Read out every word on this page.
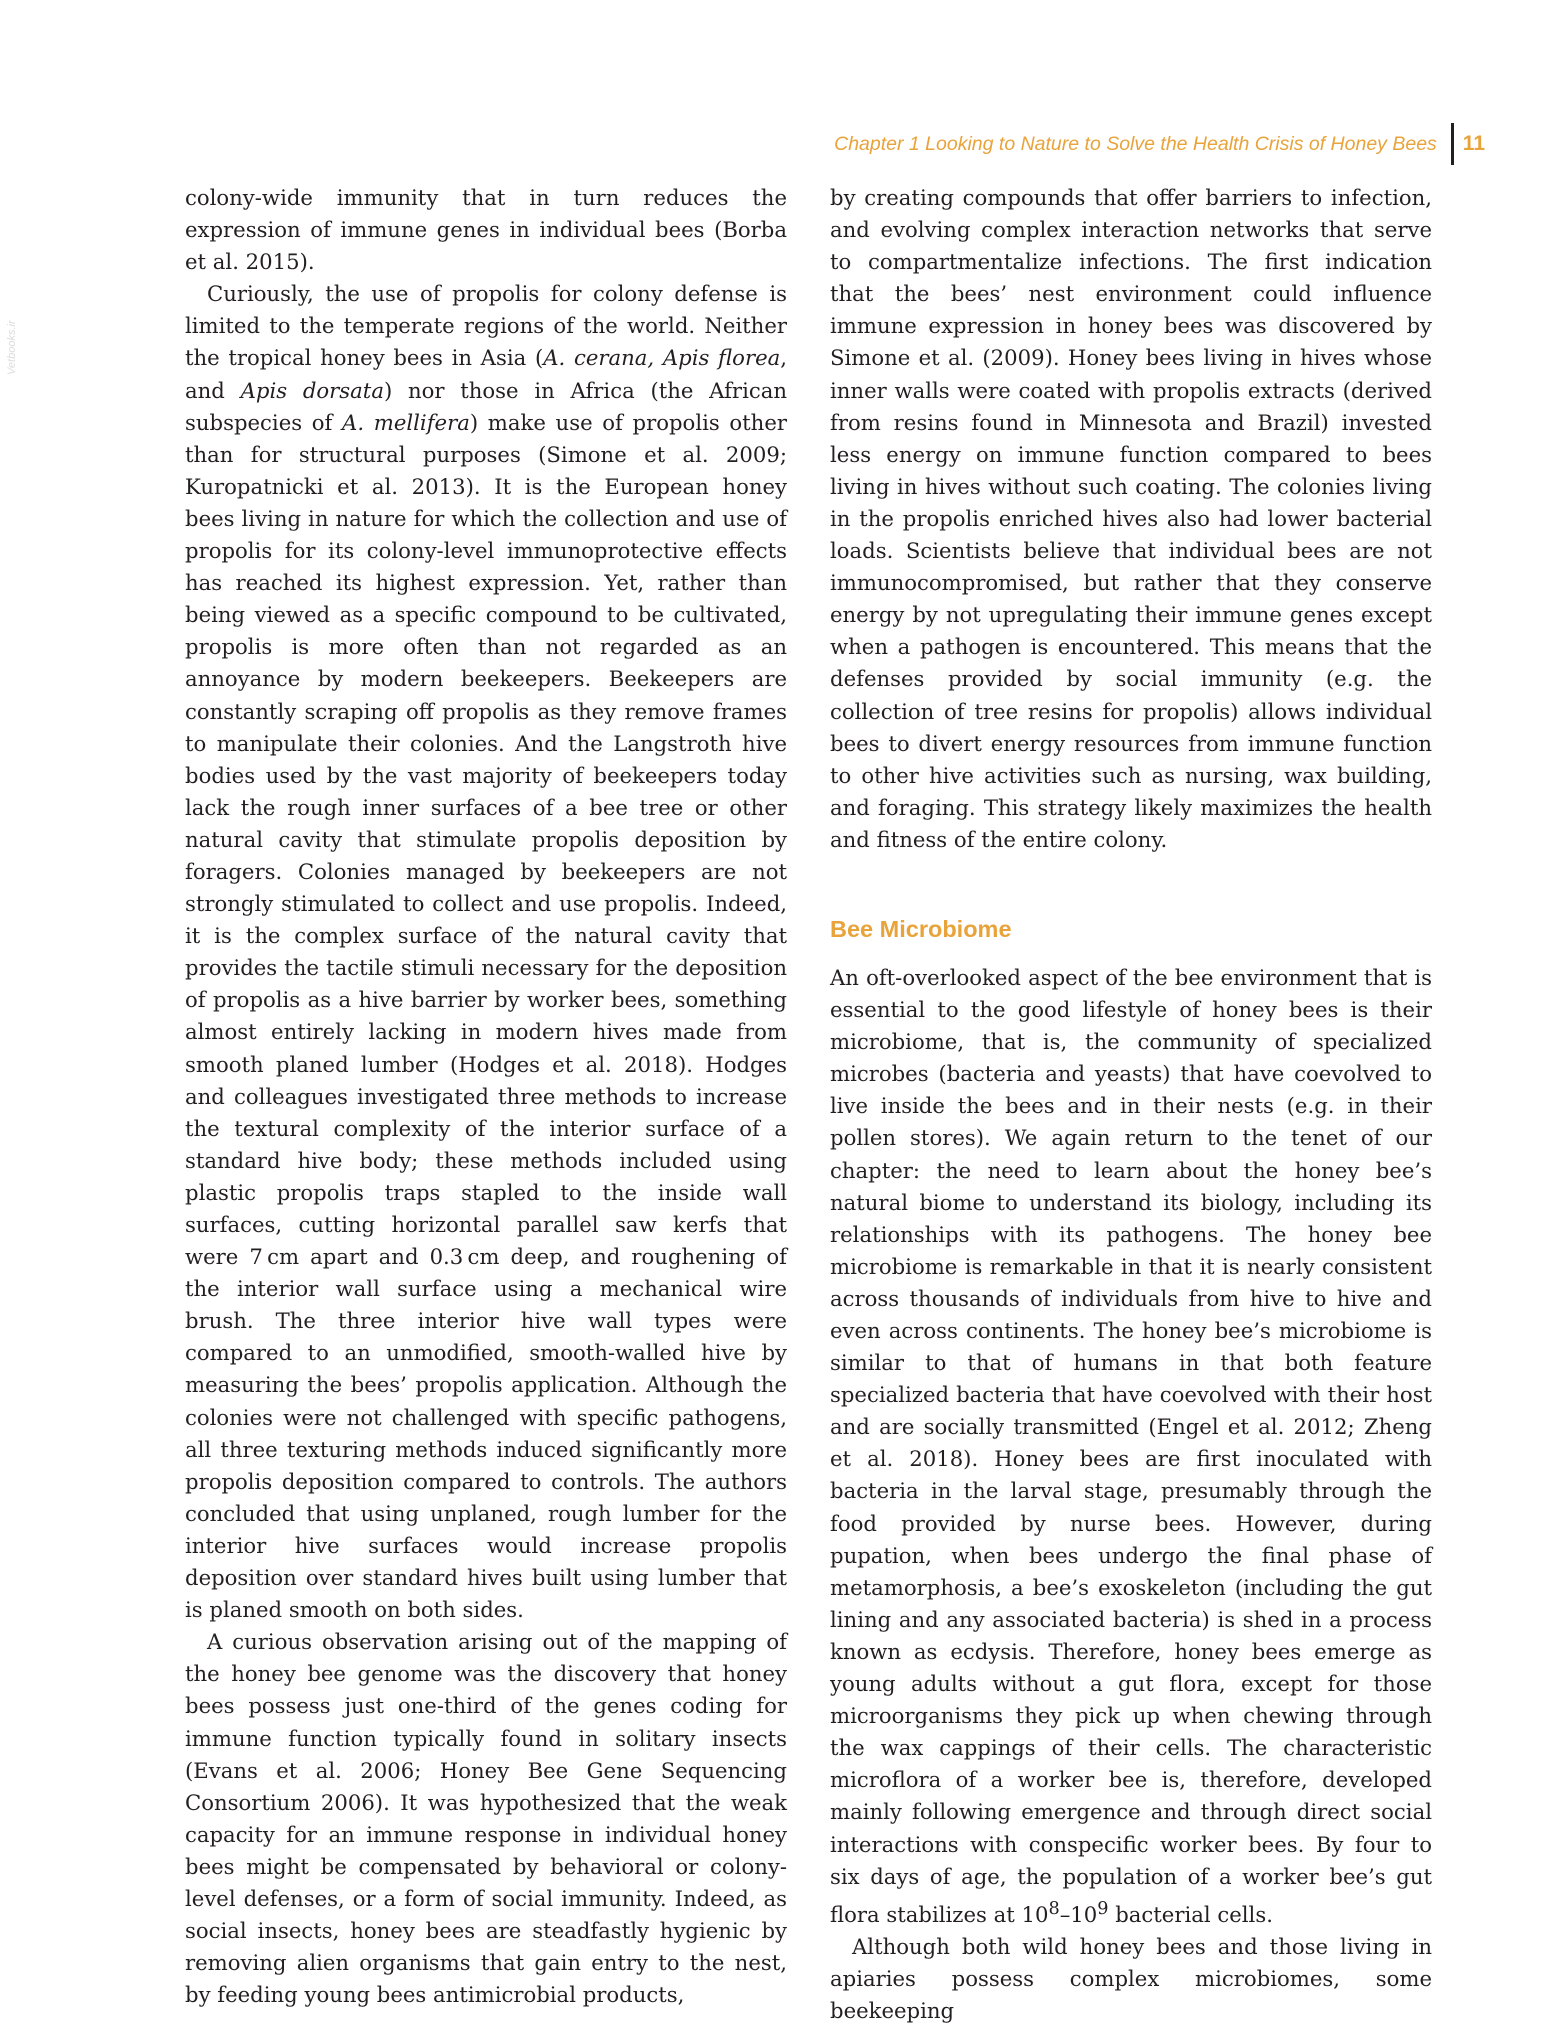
Chapter 1 Looking to Nature to Solve the Health Crisis of Honey Bees 11
Vetbooks.ir

colony-wide immunity that in turn reduces the expression of immune genes in individual bees (Borba et al. 2015).

Curiously, the use of propolis for colony defense is limited to the temperate regions of the world. Neither the tropical honey bees in Asia (A. cerana, Apis florea, and Apis dorsata) nor those in Africa (the African subspecies of A. mellifera) make use of propolis other than for structural purposes (Simone et al. 2009; Kuropatnicki et al. 2013). It is the European honey bees living in nature for which the collection and use of propolis for its colony-level immunoprotective effects has reached its highest expression. Yet, rather than being viewed as a specific compound to be cultivated, propolis is more often than not regarded as an annoyance by modern beekeepers. Beekeepers are constantly scraping off propolis as they remove frames to manipulate their colonies. And the Langstroth hive bodies used by the vast majority of beekeepers today lack the rough inner surfaces of a bee tree or other natural cavity that stimulate propolis deposition by foragers. Colonies managed by beekeepers are not strongly stimulated to collect and use propolis. Indeed, it is the complex surface of the natural cavity that provides the tactile stimuli necessary for the deposition of propolis as a hive barrier by worker bees, something almost entirely lacking in modern hives made from smooth planed lumber (Hodges et al. 2018). Hodges and colleagues investigated three methods to increase the textural complexity of the interior surface of a standard hive body; these methods included using plastic propolis traps stapled to the inside wall surfaces, cutting horizontal parallel saw kerfs that were 7 cm apart and 0.3 cm deep, and roughening of the interior wall surface using a mechanical wire brush. The three interior hive wall types were compared to an unmodified, smooth-walled hive by measuring the bees’ propolis application. Although the colonies were not challenged with specific pathogens, all three texturing methods induced significantly more propolis deposition compared to controls. The authors concluded that using unplaned, rough lumber for the interior hive surfaces would increase propolis deposition over standard hives built using lumber that is planed smooth on both sides.

A curious observation arising out of the mapping of the honey bee genome was the discovery that honey bees possess just one-third of the genes coding for immune function typically found in solitary insects (Evans et al. 2006; Honey Bee Gene Sequencing Consortium 2006). It was hypothesized that the weak capacity for an immune response in individual honey bees might be compensated by behavioral or colony-level defenses, or a form of social immunity. Indeed, as social insects, honey bees are steadfastly hygienic by removing alien organisms that gain entry to the nest, by feeding young bees antimicrobial products,

by creating compounds that offer barriers to infection, and evolving complex interaction networks that serve to compartmentalize infections. The first indication that the bees’ nest environment could influence immune expression in honey bees was discovered by Simone et al. (2009). Honey bees living in hives whose inner walls were coated with propolis extracts (derived from resins found in Minnesota and Brazil) invested less energy on immune function compared to bees living in hives without such coating. The colonies living in the propolis enriched hives also had lower bacterial loads. Scientists believe that individual bees are not immunocompromised, but rather that they conserve energy by not upregulating their immune genes except when a pathogen is encountered. This means that the defenses provided by social immunity (e.g. the collection of tree resins for propolis) allows individual bees to divert energy resources from immune function to other hive activities such as nursing, wax building, and foraging. This strategy likely maximizes the health and fitness of the entire colony.

Bee Microbiome

An oft-overlooked aspect of the bee environment that is essential to the good lifestyle of honey bees is their microbiome, that is, the community of specialized microbes (bacteria and yeasts) that have coevolved to live inside the bees and in their nests (e.g. in their pollen stores). We again return to the tenet of our chapter: the need to learn about the honey bee’s natural biome to understand its biology, including its relationships with its pathogens. The honey bee microbiome is remarkable in that it is nearly consistent across thousands of individuals from hive to hive and even across continents. The honey bee’s microbiome is similar to that of humans in that both feature specialized bacteria that have coevolved with their host and are socially transmitted (Engel et al. 2012; Zheng et al. 2018). Honey bees are first inoculated with bacteria in the larval stage, presumably through the food provided by nurse bees. However, during pupation, when bees undergo the final phase of metamorphosis, a bee’s exoskeleton (including the gut lining and any associated bacteria) is shed in a process known as ecdysis. Therefore, honey bees emerge as young adults without a gut flora, except for those microorganisms they pick up when chewing through the wax cappings of their cells. The characteristic microflora of a worker bee is, therefore, developed mainly following emergence and through direct social interactions with conspecific worker bees. By four to six days of age, the population of a worker bee’s gut flora stabilizes at $10^8-10^9$ bacterial cells.

Although both wild honey bees and those living in apiaries possess complex microbiomes, some beekeeping
